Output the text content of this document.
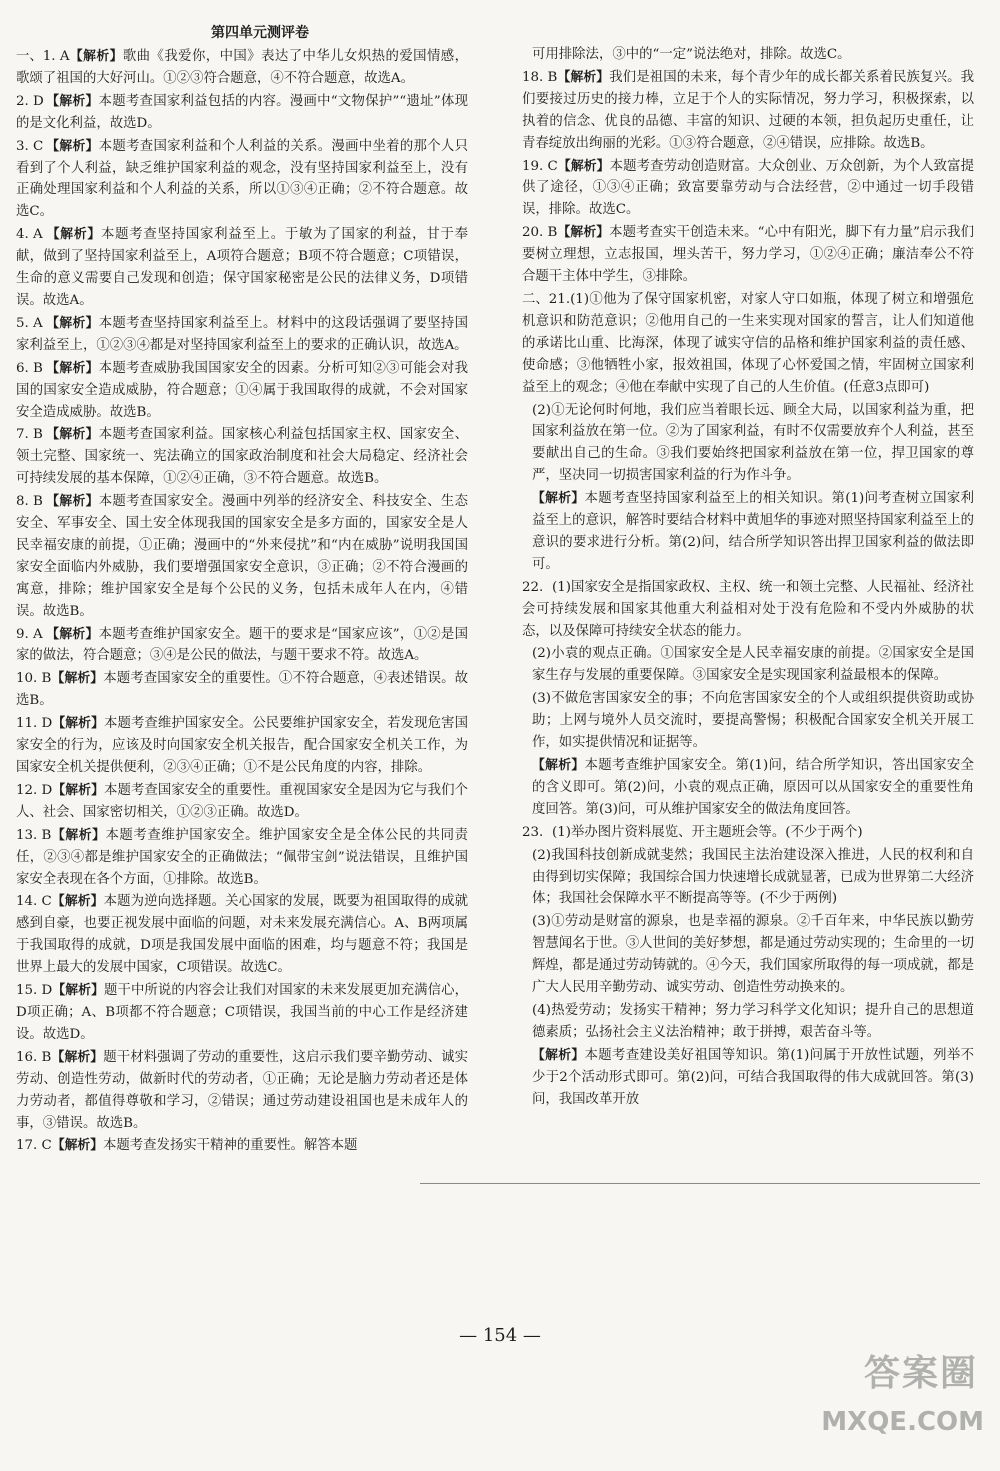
第四单元测评卷
一、1. A【解析】歌曲《我爱你，中国》表达了中华儿女炽热的爱国情感，歌颂了祖国的大好河山。①②③符合题意，④不符合题意，故选A。
2. D【解析】本题考查国家利益包括的内容。漫画中“文物保护”“遗址”体现的是文化利益，故选D。
3. C【解析】本题考查国家利益和个人利益的关系。漫画中坐着的那个人只看到了个人利益，缺乏维护国家利益的观念，没有坚持国家利益至上，没有正确处理国家利益和个人利益的关系，所以①③④正确；②不符合题意。故选C。
4. A【解析】本题考查坚持国家利益至上。于敏为了国家的利益，甘于奉献，做到了坚持国家利益至上，A项符合题意；B项不符合题意；C项错误，生命的意义需要自己发现和创造；保守国家秘密是公民的法律义务，D项错误。故选A。
5. A【解析】本题考查坚持国家利益至上。材料中的这段话强调了要坚持国家利益至上，①②③④都是对坚持国家利益至上的要求的正确认识，故选A。
6. B【解析】本题考查威胁我国国家安全的因素。分析可知②③可能会对我国的国家安全造成威胁，符合题意；①④属于我国取得的成就，不会对国家安全造成威胁。故选B。
7. B【解析】本题考查国家利益。国家核心利益包括国家主权、国家安全、领土完整、国家统一、宪法确立的国家政治制度和社会大局稳定、经济社会可持续发展的基本保障，①②④正确，③不符合题意。故选B。
8. B【解析】本题考查国家安全。漫画中列举的经济安全、科技安全、生态安全、军事安全、国土安全体现我国的国家安全是多方面的，国家安全是人民幸福安康的前提，①正确；漫画中的“外来侵扰”和“内在威胁”说明我国国家安全面临内外威胁，我们要增强国家安全意识，③正确；②不符合漫画的寓意，排除；维护国家安全是每个公民的义务，包括未成年人在内，④错误。故选B。
9. A【解析】本题考查维护国家安全。题干的要求是“国家应该”，①②是国家的做法，符合题意；③④是公民的做法，与题干要求不符。故选A。
10. B【解析】本题考查国家安全的重要性。①不符合题意，④表述错误。故选B。
11. D【解析】本题考查维护国家安全。公民要维护国家安全，若发现危害国家安全的行为，应该及时向国家安全机关报告，配合国家安全机关工作，为国家安全机关提供便利，②③④正确；①不是公民角度的内容，排除。
12. D【解析】本题考查国家安全的重要性。重视国家安全是因为它与我们个人、社会、国家密切相关，①②③正确。故选D。
13. B【解析】本题考查维护国家安全。维护国家安全是全体公民的共同责任，②③④都是维护国家安全的正确做法；“佩带宝剑”说法错误，且维护国家安全表现在各个方面，①排除。故选B。
14. C【解析】本题为逆向选择题。关心国家的发展，既要为祖国取得的成就感到自豪，也要正视发展中面临的问题，对未来发展充满信心。A、B两项属于我国取得的成就，D项是我国发展中面临的困难，均与题意不符；我国是世界上最大的发展中国家，C项错误。故选C。
15. D【解析】题干中所说的内容会让我们对国家的未来发展更加充满信心，D项正确；A、B项都不符合题意；C项错误，我国当前的中心工作是经济建设。故选D。
16. B【解析】题干材料强调了劳动的重要性，这启示我们要辛勤劳动、诚实劳动、创造性劳动，做新时代的劳动者，①正确；无论是脑力劳动者还是体力劳动者，都值得尊敬和学习，②错误；通过劳动建设祖国也是未成年人的事，③错误。故选B。
17. C【解析】本题考查发扬实干精神的重要性。解答本题
可用排除法，③中的“一定”说法绝对，排除。故选C。
18. B【解析】我们是祖国的未来，每个青少年的成长都关系着民族复兴。我们要接过历史的接力棒，立足于个人的实际情况，努力学习，积极探索，以执着的信念、优良的品德、丰富的知识、过硬的本领，担负起历史重任，让青春绽放出绚丽的光彩。①③符合题意，②④错误，应排除。故选B。
19. C【解析】本题考查劳动创造财富。大众创业、万众创新，为个人致富提供了途径，①③④正确；致富要靠劳动与合法经营，②中通过一切手段错误，排除。故选C。
20. B【解析】本题考查实干创造未来。“心中有阳光，脚下有力量”启示我们要树立理想，立志报国，埋头苦干，努力学习，①②④正确；廉洁奉公不符合题干主体中学生，③排除。
二、21.(1)①他为了保守国家机密，对家人守口如瓶，体现了树立和增强危机意识和防范意识；②他用自己的一生来实现对国家的誓言，让人们知道他的承诺比山重、比海深，体现了诚实守信的品格和维护国家利益的责任感、使命感；③他牺牲小家，报效祖国，体现了心怀爱国之情，牢固树立国家利益至上的观念；④他在奉献中实现了自己的人生价值。(任意3点即可)
(2)①无论何时何地，我们应当着眼长远、顾全大局，以国家利益为重，把国家利益放在第一位。②为了国家利益，有时不仅需要放弃个人利益，甚至要献出自己的生命。③我们要始终把国家利益放在第一位，捍卫国家的尊严，坚决同一切损害国家利益的行为作斗争。
【解析】本题考查坚持国家利益至上的相关知识。第(1)问考查树立国家利益至上的意识，解答时要结合材料中黄旭华的事迹对照坚持国家利益至上的意识的要求进行分析。第(2)问，结合所学知识答出捍卫国家利益的做法即可。
22.(1)国家安全是指国家政权、主权、统一和领土完整、人民福祉、经济社会可持续发展和国家其他重大利益相对处于没有危险和不受内外威胁的状态，以及保障可持续安全状态的能力。
(2)小袁的观点正确。①国家安全是人民幸福安康的前提。②国家安全是国家生存与发展的重要保障。③国家安全是实现国家利益最根本的保障。
(3)不做危害国家安全的事；不向危害国家安全的个人或组织提供资助或协助；上网与境外人员交流时，要提高警惕；积极配合国家安全机关开展工作，如实提供情况和证据等。
【解析】本题考查维护国家安全。第(1)问，结合所学知识，答出国家安全的含义即可。第(2)问，小袁的观点正确，原因可以从国家安全的重要性角度回答。第(3)问，可从维护国家安全的做法角度回答。
23.(1)举办图片资料展览、开主题班会等。(不少于两个)
(2)我国科技创新成就斐然；我国民主法治建设深入推进，人民的权利和自由得到切实保障；我国综合国力快速增长成就显著，已成为世界第二大经济体；我国社会保障水平不断提高等等。(不少于两例)
(3)①劳动是财富的源泉，也是幸福的源泉。②千百年来，中华民族以勤劳智慧闻名于世。③人世间的美好梦想，都是通过劳动实现的；生命里的一切辉煌，都是通过劳动铸就的。④今天，我们国家所取得的每一项成就，都是广大人民用辛勤劳动、诚实劳动、创造性劳动换来的。
(4)热爱劳动；发扬实干精神；努力学习科学文化知识；提升自己的思想道德素质；弘扬社会主义法治精神；敢于拼搏，艰苦奋斗等。
【解析】本题考查建设美好祖国等知识。第(1)问属于开放性试题，列举不少于2个活动形式即可。第(2)问，可结合我国取得的伟大成就回答。第(3)问，我国改革开放
— 154 —
答案圈
MXQE.COM
